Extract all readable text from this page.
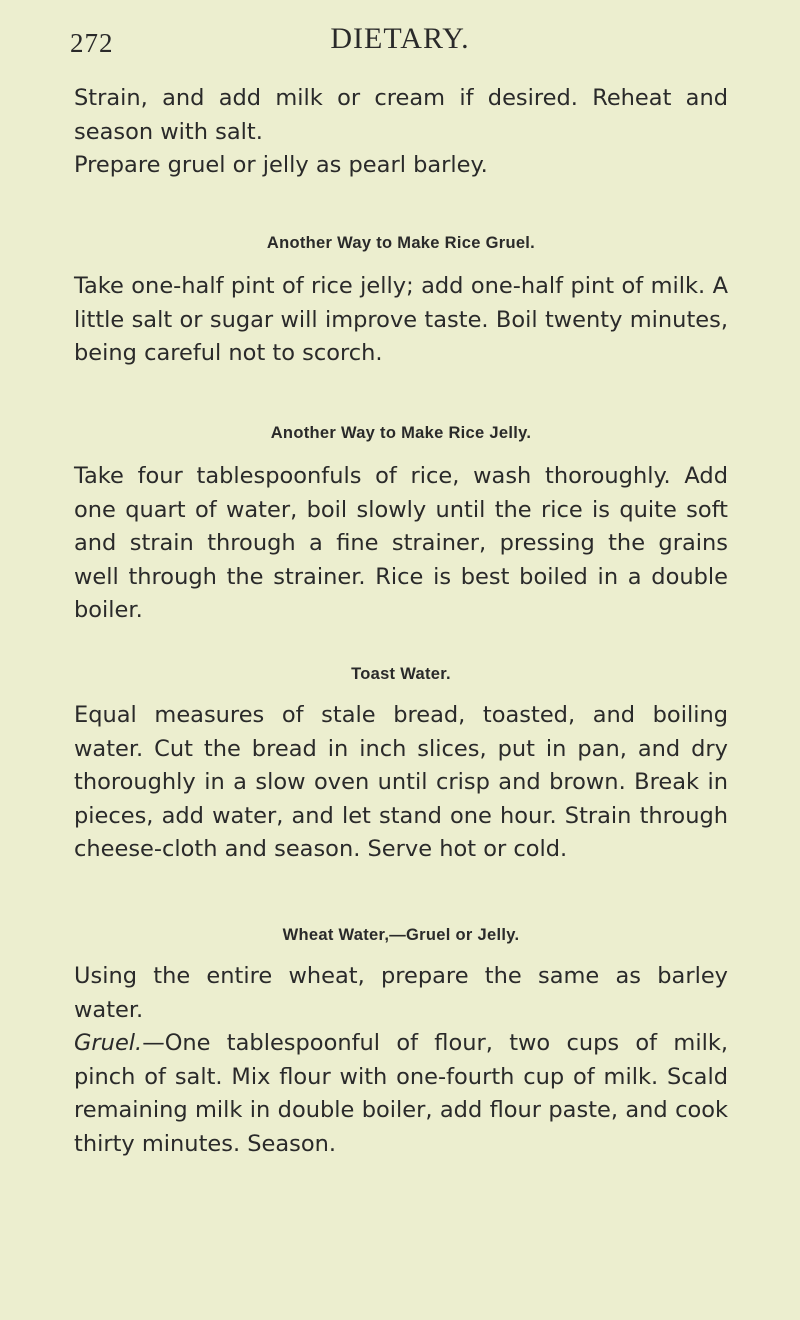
272	DIETARY.

Strain, and add milk or cream if desired. Reheat and season with salt.

Prepare gruel or jelly as pearl barley.

Another Way to Make Rice Gruel.

Take one-half pint of rice jelly; add one-half pint of milk. A little salt or sugar will improve taste. Boil twenty minutes, being careful not to scorch.

Another Way to Make Rice Jelly.

Take four tablespoonfuls of rice, wash thoroughly. Add one quart of water, boil slowly until the rice is quite soft and strain through a fine strainer, pressing the grains well through the strainer. Rice is best boiled in a double boiler.

Toast Water.

Equal measures of stale bread, toasted, and boiling water. Cut the bread in inch slices, put in pan, and dry thoroughly in a slow oven until crisp and brown. Break in pieces, add water, and let stand one hour. Strain through cheese-cloth and season. Serve hot or cold.

Wheat Water,—Gruel or Jelly.

Using the entire wheat, prepare the same as barley water.

Gruel.—One tablespoonful of flour, two cups of milk, pinch of salt. Mix flour with one-fourth cup of milk. Scald remaining milk in double boiler, add flour paste, and cook thirty minutes. Season.
